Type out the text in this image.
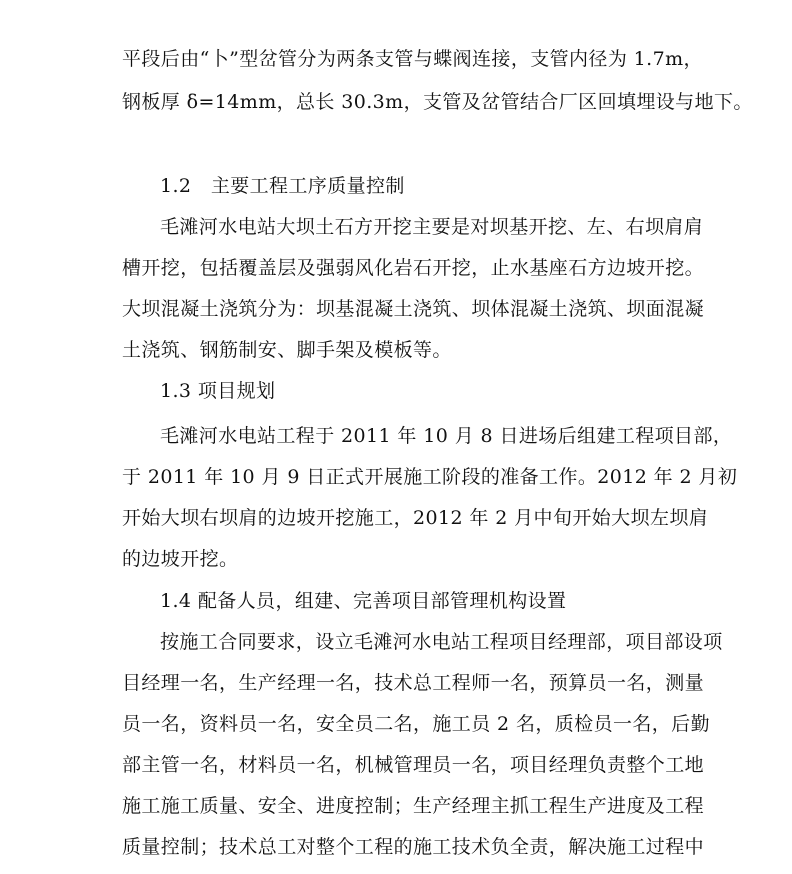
平段后由“卜”型岔管分为两条支管与蝶阀连接，支管内径为 1.7m，
钢板厚 δ=14mm，总长 30.3m，支管及岔管结合厂区回填埋设与地下。
1.2　主要工程工序质量控制
毛滩河水电站大坝土石方开挖主要是对坝基开挖、左、右坝肩肩
槽开挖，包括覆盖层及强弱风化岩石开挖，止水基座石方边坡开挖。
大坝混凝土浇筑分为：坝基混凝土浇筑、坝体混凝土浇筑、坝面混凝
土浇筑、钢筋制安、脚手架及模板等。
1.3 项目规划
毛滩河水电站工程于 2011 年 10 月 8 日进场后组建工程项目部，
于 2011 年 10 月 9 日正式开展施工阶段的准备工作。2012 年 2 月初
开始大坝右坝肩的边坡开挖施工，2012 年 2 月中旬开始大坝左坝肩
的边坡开挖。
1.4 配备人员，组建、完善项目部管理机构设置
按施工合同要求，设立毛滩河水电站工程项目经理部，项目部设项
目经理一名，生产经理一名，技术总工程师一名，预算员一名，测量
员一名，资料员一名，安全员二名，施工员 2 名，质检员一名，后勤
部主管一名，材料员一名，机械管理员一名，项目经理负责整个工地
施工施工质量、安全、进度控制；生产经理主抓工程生产进度及工程
质量控制；技术总工对整个工程的施工技术负全责，解决施工过程中
